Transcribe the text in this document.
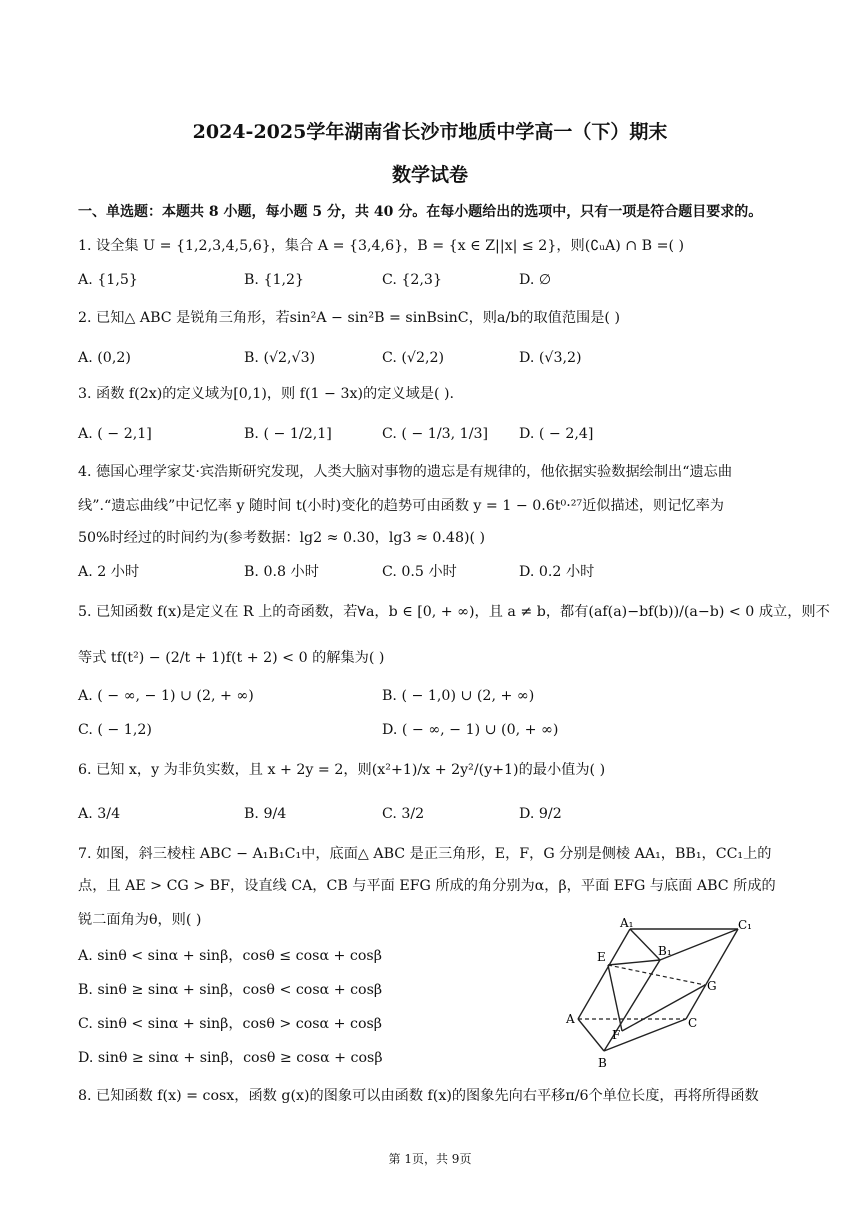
2024-2025学年湖南省长沙市地质中学高一（下）期末
数学试卷
一、单选题：本题共 8 小题，每小题 5 分，共 40 分。在每小题给出的选项中，只有一项是符合题目要求的。
1. 设全集 U = {1,2,3,4,5,6}，集合 A = {3,4,6}，B = {x ∈ Z||x| ≤ 2}，则(∁ᵤA) ∩ B =( )
A. {1,5}	B. {1,2}	C. {2,3}	D. ∅
2. 已知△ ABC 是锐角三角形，若sin²A − sin²B = sinBsinC，则a/b的取值范围是( )
A. (0,2)	B. (√2,√3)	C. (√2,2)	D. (√3,2)
3. 函数 f(2x)的定义域为[0,1)，则 f(1 − 3x)的定义域是( ).
A. ( − 2,1]	B. ( − 1/2,1]	C. ( − 1/3, 1/3] D. ( − 2,4]
4. 德国心理学家艾·宾浩斯研究发现，人类大脑对事物的遗忘是有规律的，他依据实验数据绘制出“遗忘曲
线”.“遗忘曲线”中记忆率 y 随时间 t(小时)变化的趋势可由函数 y = 1 − 0.6t⁰·²⁷近似描述，则记忆率为
50%时经过的时间约为(参考数据：lg2 ≈ 0.30，lg3 ≈ 0.48)( )
A. 2 小时	B. 0.8 小时	C. 0.5 小时	D. 0.2 小时
5. 已知函数 f(x)是定义在 R 上的奇函数，若∀a，b ∈ [0, + ∞)，且 a ≠ b，都有(af(a)−bf(b))/(a−b) < 0 成立，则不
等式 tf(t²) − (2/t + 1)f(t + 2) < 0 的解集为( )
A. ( − ∞, − 1) ∪ (2, + ∞)	B. ( − 1,0) ∪ (2, + ∞)
C. ( − 1,2)	D. ( − ∞, − 1) ∪ (0, + ∞)
6. 已知 x，y 为非负实数，且 x + 2y = 2，则(x²+1)/x + 2y²/(y+1)的最小值为( )
A. 3/4	B. 9/4	C. 3/2	D. 9/2
7. 如图，斜三棱柱 ABC − A₁B₁C₁中，底面△ ABC 是正三角形，E，F，G 分别是侧棱 AA₁，BB₁，CC₁上的
点，且 AE > CG > BF，设直线 CA，CB 与平面 EFG 所成的角分别为α，β，平面 EFG 与底面 ABC 所成的
锐二面角为θ，则( )
A. sinθ < sinα + sinβ，cosθ ≤ cosα + cosβ
B. sinθ ≥ sinα + sinβ，cosθ < cosα + cosβ
C. sinθ < sinα + sinβ，cosθ > cosα + cosβ
D. sinθ ≥ sinα + sinβ，cosθ ≥ cosα + cosβ
A₁
B₁
C₁
E
G
A
F
C
B
8. 已知函数 f(x) = cosx，函数 g(x)的图象可以由函数 f(x)的图象先向右平移π/6个单位长度，再将所得函数
第 1页，共 9页
